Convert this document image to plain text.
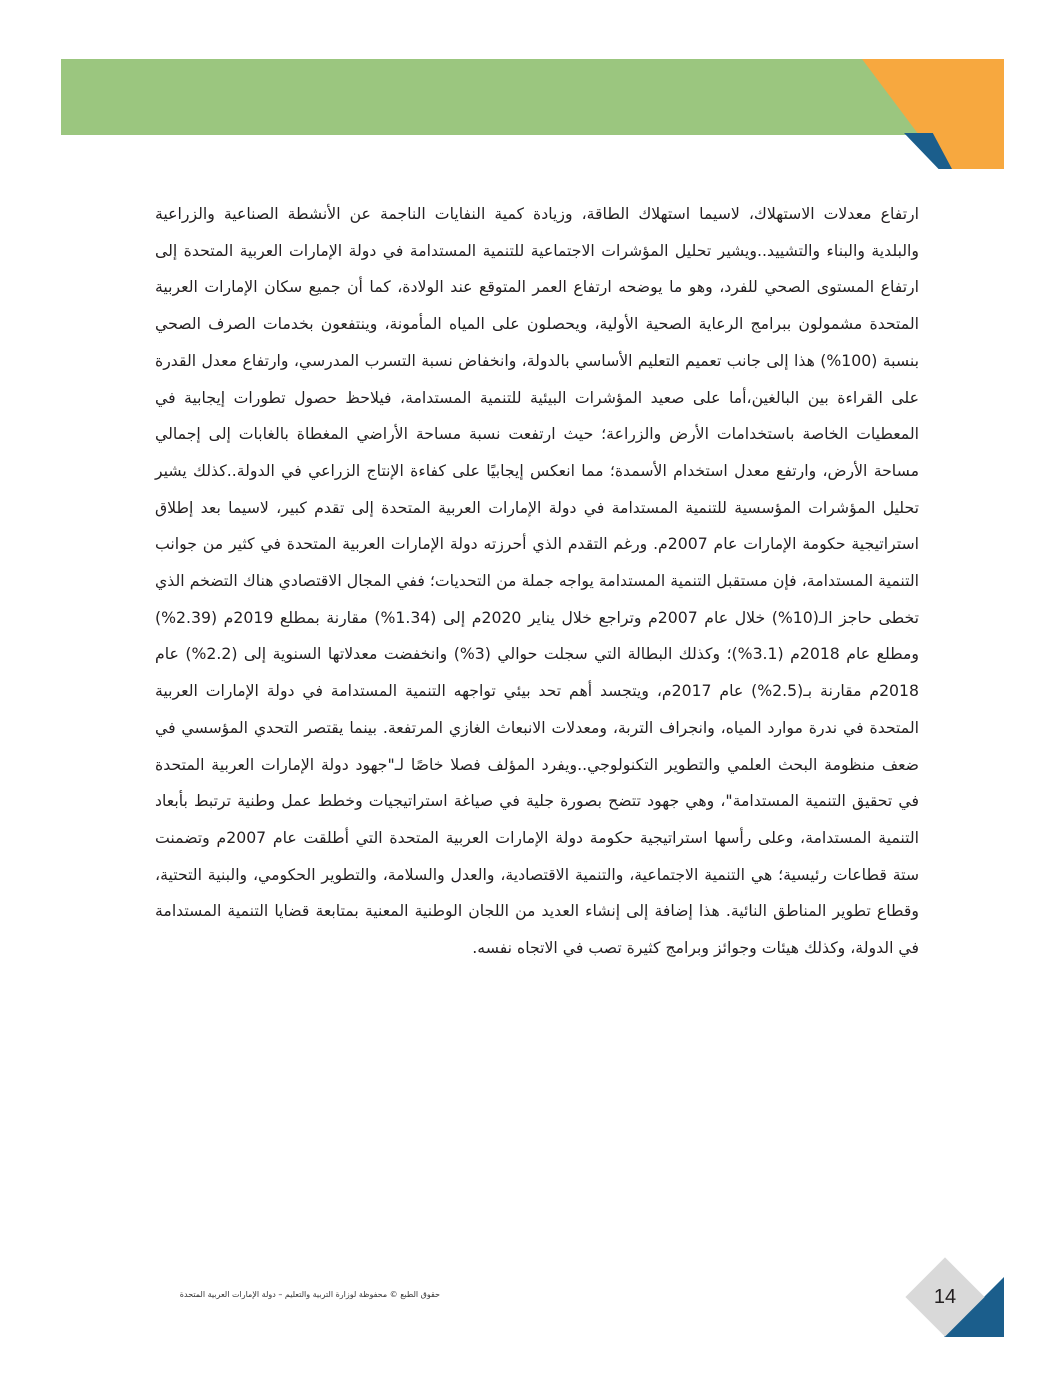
ارتفاع معدلات الاستهلاك، لاسيما استهلاك الطاقة، وزيادة كمية النفايات الناجمة عن الأنشطة الصناعية والزراعية والبلدية والبناء والتشييد..ويشير تحليل المؤشرات الاجتماعية للتنمية المستدامة في دولة الإمارات العربية المتحدة إلى ارتفاع المستوى الصحي للفرد، وهو ما يوضحه ارتفاع العمر المتوقع عند الولادة، كما أن جميع سكان الإمارات العربية المتحدة مشمولون ببرامج الرعاية الصحية الأولية، ويحصلون على المياه المأمونة، وينتفعون بخدمات الصرف الصحي بنسبة (100%) هذا إلى جانب تعميم التعليم الأساسي بالدولة، وانخفاض نسبة التسرب المدرسي، وارتفاع معدل القدرة على القراءة بين البالغين،أما على صعيد المؤشرات البيئية للتنمية المستدامة، فيلاحظ حصول تطورات إيجابية في المعطيات الخاصة باستخدامات الأرض والزراعة؛ حيث ارتفعت نسبة مساحة الأراضي المغطاة بالغابات إلى إجمالي مساحة الأرض، وارتفع معدل استخدام الأسمدة؛ مما انعكس إيجابيًا على كفاءة الإنتاج الزراعي في الدولة..كذلك يشير تحليل المؤشرات المؤسسية للتنمية المستدامة في دولة الإمارات العربية المتحدة إلى تقدم كبير، لاسيما بعد إطلاق استراتيجية حكومة الإمارات عام 2007م. ورغم التقدم الذي أحرزته دولة الإمارات العربية المتحدة في كثير من جوانب التنمية المستدامة، فإن مستقبل التنمية المستدامة يواجه جملة من التحديات؛ ففي المجال الاقتصادي هناك التضخم الذي تخطى حاجز الـ(10%) خلال عام 2007م وتراجع خلال يناير 2020م إلى (1.34%) مقارنة بمطلع 2019م (2.39%) ومطلع عام 2018م (3.1%)؛ وكذلك البطالة التي سجلت حوالي (3%) وانخفضت معدلاتها السنوية إلى (2.2%) عام 2018م مقارنة بـ(2.5%) عام 2017م، ويتجسد أهم تحد بيئي تواجهه التنمية المستدامة في دولة الإمارات العربية المتحدة في ندرة موارد المياه، وانجراف التربة، ومعدلات الانبعاث الغازي المرتفعة. بينما يقتصر التحدي المؤسسي في ضعف منظومة البحث العلمي والتطوير التكنولوجي..ويفرد المؤلف فصلا خاصًا لـ"جهود دولة الإمارات العربية المتحدة في تحقيق التنمية المستدامة"، وهي جهود تتضح بصورة جلية في صياغة استراتيجيات وخطط عمل وطنية ترتبط بأبعاد التنمية المستدامة، وعلى رأسها استراتيجية حكومة دولة الإمارات العربية المتحدة التي أطلقت عام 2007م وتضمنت ستة قطاعات رئيسية؛ هي التنمية الاجتماعية، والتنمية الاقتصادية، والعدل والسلامة، والتطوير الحكومي، والبنية التحتية، وقطاع تطوير المناطق النائية. هذا إضافة إلى إنشاء العديد من اللجان الوطنية المعنية بمتابعة قضايا التنمية المستدامة في الدولة، وكذلك هيئات وجوائز وبرامج كثيرة تصب في الاتجاه نفسه.

حقوق الطبع © محفوظة لوزارة التربية والتعليم – دولة الإمارات العربية المتحدة	14
